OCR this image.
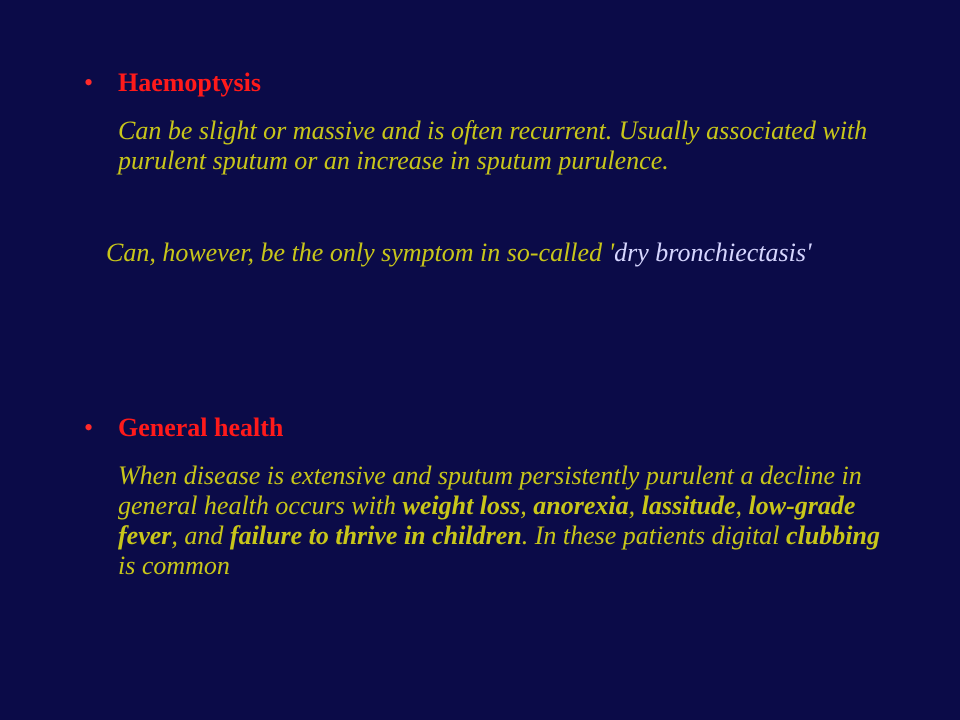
• Haemoptysis

Can be slight or massive and is often recurrent. Usually associated with purulent sputum or an increase in sputum purulence.

Can, however, be the only symptom in so-called 'dry bronchiectasis'

• General health

When disease is extensive and sputum persistently purulent a decline in general health occurs with weight loss, anorexia, lassitude, low-grade fever, and failure to thrive in children. In these patients digital clubbing is common
